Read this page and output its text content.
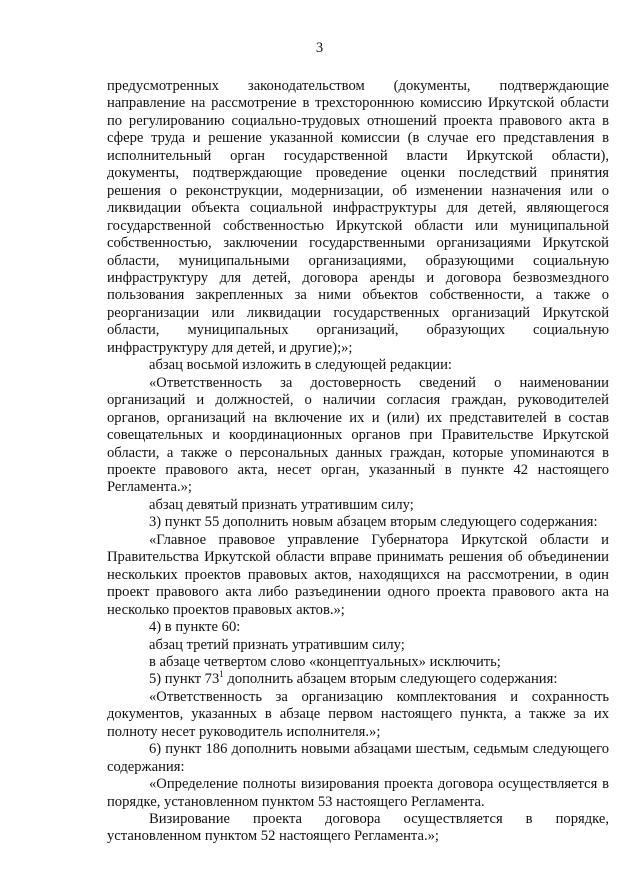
3

предусмотренных законодательством (документы, подтверждающие направление на рассмотрение в трехстороннюю комиссию Иркутской области по регулированию социально-трудовых отношений проекта правового акта в сфере труда и решение указанной комиссии (в случае его представления в исполнительный орган государственной власти Иркутской области), документы, подтверждающие проведение оценки последствий принятия решения о реконструкции, модернизации, об изменении назначения или о ликвидации объекта социальной инфраструктуры для детей, являющегося государственной собственностью Иркутской области или муниципальной собственностью, заключении государственными организациями Иркутской области, муниципальными организациями, образующими социальную инфраструктуру для детей, договора аренды и договора безвозмездного пользования закрепленных за ними объектов собственности, а также о реорганизации или ликвидации государственных организаций Иркутской области, муниципальных организаций, образующих социальную инфраструктуру для детей, и другие);»;

абзац восьмой изложить в следующей редакции:

«Ответственность за достоверность сведений о наименовании организаций и должностей, о наличии согласия граждан, руководителей органов, организаций на включение их и (или) их представителей в состав совещательных и координационных органов при Правительстве Иркутской области, а также о персональных данных граждан, которые упоминаются в проекте правового акта, несет орган, указанный в пункте 42 настоящего Регламента.»;

абзац девятый признать утратившим силу;

3) пункт 55 дополнить новым абзацем вторым следующего содержания:

«Главное правовое управление Губернатора Иркутской области и Правительства Иркутской области вправе принимать решения об объединении нескольких проектов правовых актов, находящихся на рассмотрении, в один проект правового акта либо разъединении одного проекта правового акта на несколько проектов правовых актов.»;

4) в пункте 60:

абзац третий признать утратившим силу;

в абзаце четвертом слово «концептуальных» исключить;

5) пункт $73^1$ дополнить абзацем вторым следующего содержания:

«Ответственность за организацию комплектования и сохранность документов, указанных в абзаце первом настоящего пункта, а также за их полноту несет руководитель исполнителя.»;

6) пункт 186 дополнить новыми абзацами шестым, седьмым следующего содержания:

«Определение полноты визирования проекта договора осуществляется в порядке, установленном пунктом 53 настоящего Регламента.

Визирование проекта договора осуществляется в порядке, установленном пунктом 52 настоящего Регламента.»;
